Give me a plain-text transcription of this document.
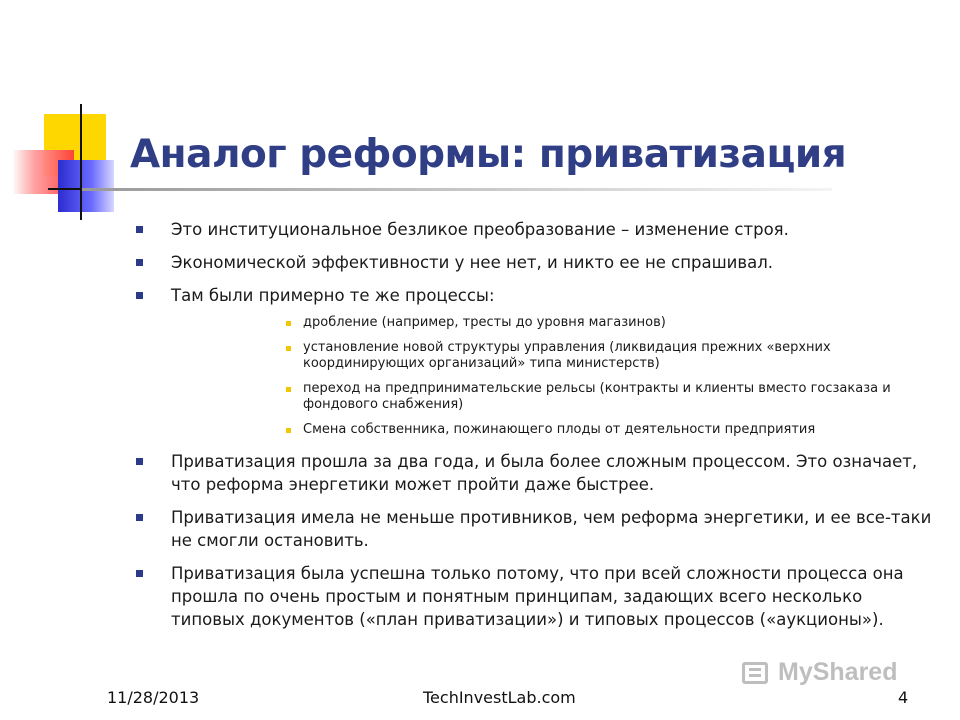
Аналог реформы: приватизация
Это институциональное безликое преобразование – изменение строя.
Экономической эффективности у нее нет, и никто ее не спрашивал.
Там были примерно те же процессы:
дробление (например, тресты до уровня магазинов)
установление новой структуры управления (ликвидация прежних «верхних координирующих организаций» типа министерств)
переход на предпринимательские рельсы (контракты и клиенты вместо госзаказа и фондового снабжения)
Смена собственника, пожинающего плоды от деятельности предприятия
Приватизация прошла за два года, и была более сложным процессом. Это означает, что реформа энергетики может пройти даже быстрее.
Приватизация имела не меньше противников, чем реформа энергетики, и ее все-таки не смогли остановить.
Приватизация была успешна только потому, что при всей сложности процесса она прошла по очень простым и понятным принципам, задающих всего несколько типовых документов («план приватизации») и типовых процессов («аукционы»).
MyShared
11/28/2013	TechInvestLab.com	4
